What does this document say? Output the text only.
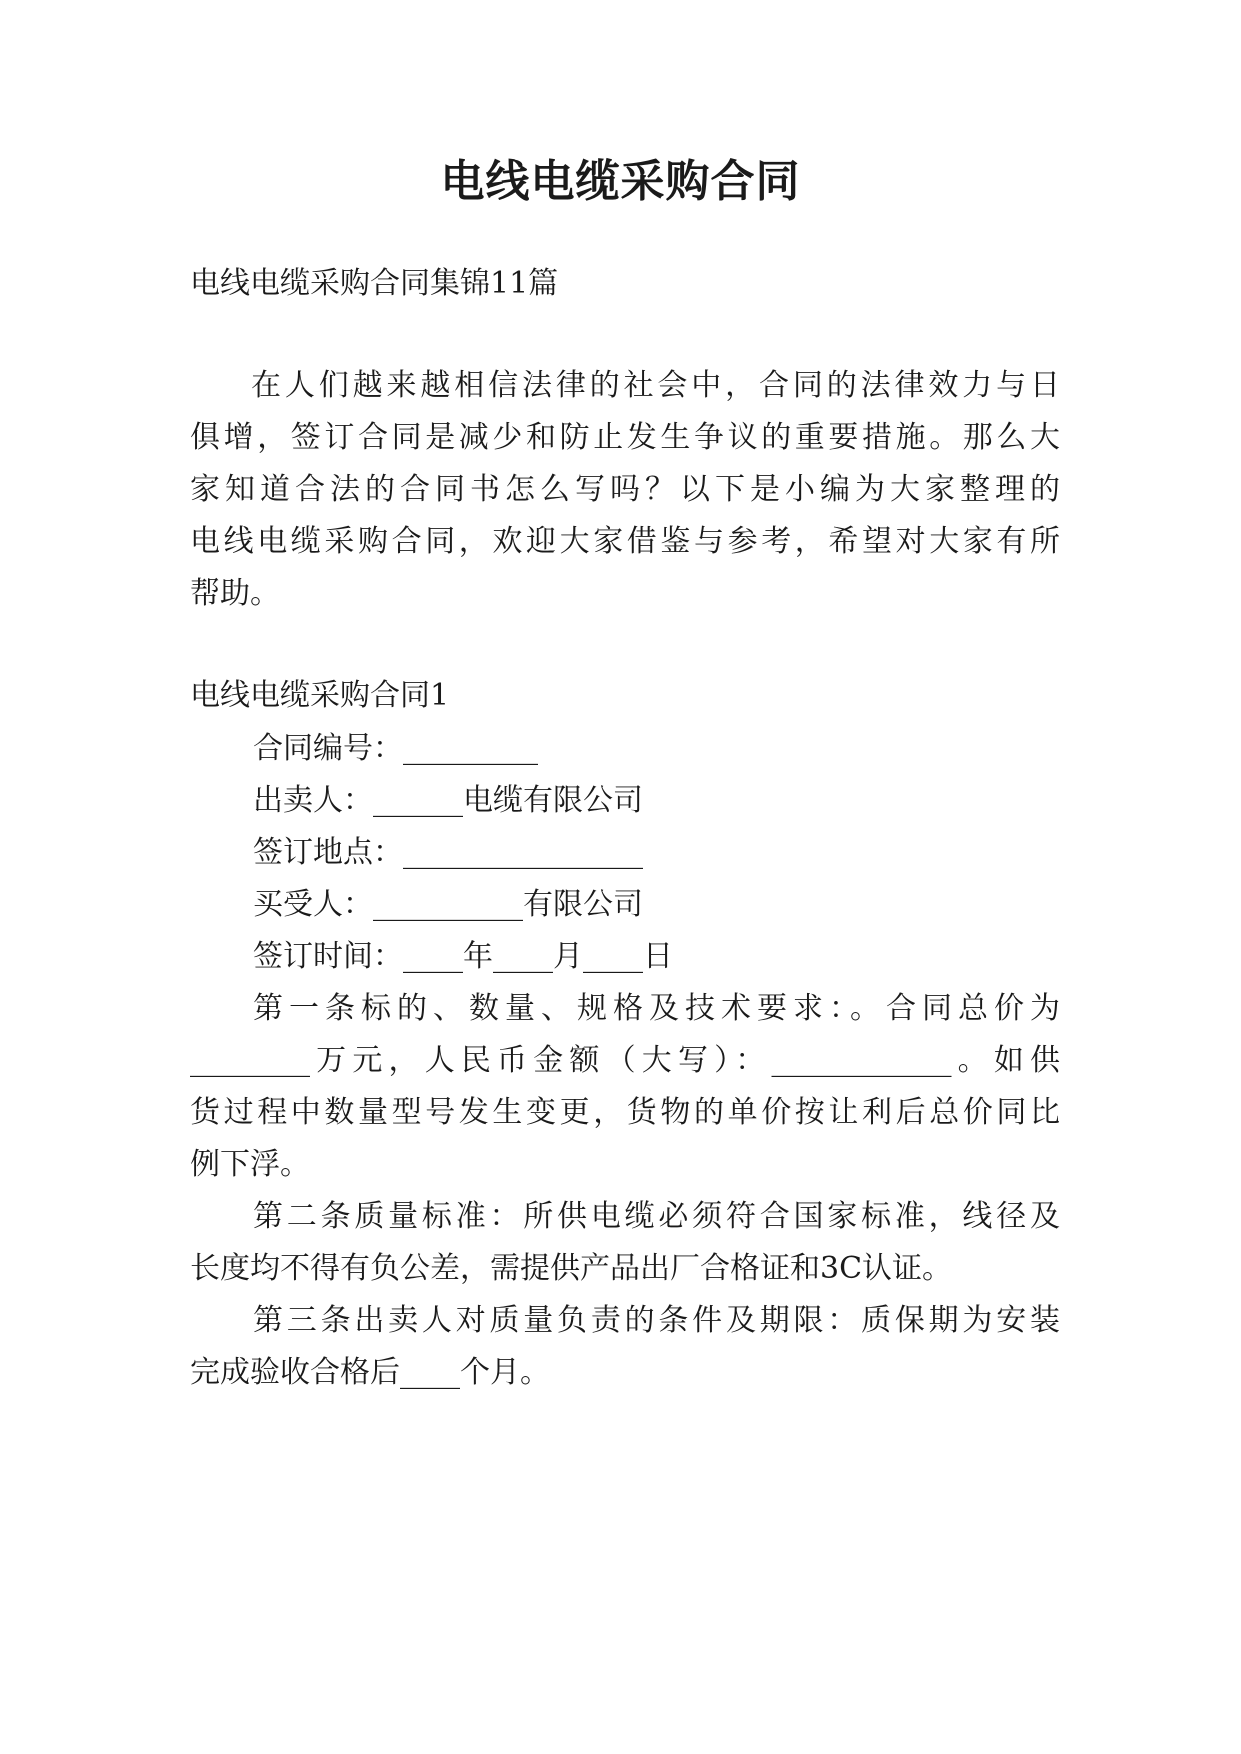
电线电缆采购合同
电线电缆采购合同集锦11篇
在人们越来越相信法律的社会中，合同的法律效力与日
俱增，签订合同是减少和防止发生争议的重要措施。那么大
家知道合法的合同书怎么写吗？以下是小编为大家整理的
电线电缆采购合同，欢迎大家借鉴与参考，希望对大家有所
帮助。
电线电缆采购合同1
合同编号：_________
出卖人：______电缆有限公司
签订地点：________________
买受人：__________有限公司
签订时间：____年____月____日
第一条标的、数量、规格及技术要求：。合同总价为
________万元，人民币金额（大写）：____________。如供
货过程中数量型号发生变更，货物的单价按让利后总价同比
例下浮。
第二条质量标准：所供电缆必须符合国家标准，线径及
长度均不得有负公差，需提供产品出厂合格证和3C认证。
第三条出卖人对质量负责的条件及期限：质保期为安装
完成验收合格后____个月。
